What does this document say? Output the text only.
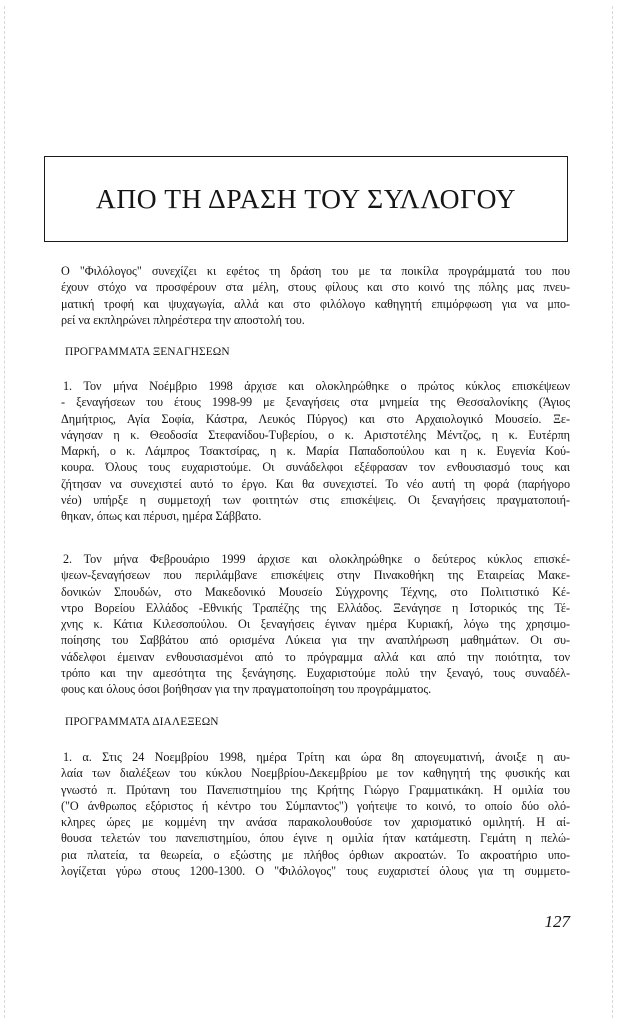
ΑΠΟ ΤΗ ΔΡΑΣΗ ΤΟΥ ΣΥΛΛΟΓΟΥ
Ο "Φιλόλογος" συνεχίζει κι εφέτος τη δράση του με τα ποικίλα προγράμματά του που
έχουν στόχο να προσφέρουν στα μέλη, στους φίλους και στο κοινό της πόλης μας πνευ-
ματική τροφή και ψυχαγωγία, αλλά και στο φιλόλογο καθηγητή επιμόρφωση για να μπο-
ρεί να εκπληρώνει πληρέστερα την αποστολή του.
ΠΡΟΓΡΑΜΜΑΤΑ ΞΕΝΑΓΗΣΕΩΝ
1. Τον μήνα Νοέμβριο 1998 άρχισε και ολοκληρώθηκε ο πρώτος κύκλος επισκέψεων
- ξεναγήσεων του έτους 1998-99 με ξεναγήσεις στα μνημεία της Θεσσαλονίκης (Άγιος
Δημήτριος, Αγία Σοφία, Κάστρα, Λευκός Πύργος) και στο Αρχαιολογικό Μουσείο. Ξε-
νάγησαν η κ. Θεοδοσία Στεφανίδου-Τυβερίου, ο κ. Αριστοτέλης Μέντζος, η κ. Ευτέρπη
Μαρκή, ο κ. Λάμπρος Τσακτσίρας, η κ. Μαρία Παπαδοπούλου και η κ. Ευγενία Κού-
κουρα. Όλους τους ευχαριστούμε. Οι συνάδελφοι εξέφρασαν τον ενθουσιασμό τους και
ζήτησαν να συνεχιστεί αυτό το έργο. Και θα συνεχιστεί. Το νέο αυτή τη φορά (παρήγορο
νέο) υπήρξε η συμμετοχή των φοιτητών στις επισκέψεις. Οι ξεναγήσεις πραγματοποιή-
θηκαν, όπως και πέρυσι, ημέρα Σάββατο.
2. Τον μήνα Φεβρουάριο 1999 άρχισε και ολοκληρώθηκε ο δεύτερος κύκλος επισκέ-
ψεων-ξεναγήσεων που περιλάμβανε επισκέψεις στην Πινακοθήκη της Εταιρείας Μακε-
δονικών Σπουδών, στο Μακεδονικό Μουσείο Σύγχρονης Τέχνης, στο Πολιτιστικό Κέ-
ντρο Βορείου Ελλάδος -Εθνικής Τραπέζης της Ελλάδος. Ξενάγησε η Ιστορικός της Τέ-
χνης κ. Κάτια Κιλεσοπούλου. Οι ξεναγήσεις έγιναν ημέρα Κυριακή, λόγω της χρησιμο-
ποίησης του Σαββάτου από ορισμένα Λύκεια για την αναπλήρωση μαθημάτων. Οι συ-
νάδελφοι έμειναν ενθουσιασμένοι από το πρόγραμμα αλλά και από την ποιότητα, τον
τρόπο και την αμεσότητα της ξενάγησης. Ευχαριστούμε πολύ την ξεναγό, τους συναδέλ-
φους και όλους όσοι βοήθησαν για την πραγματοποίηση του προγράμματος.
ΠΡΟΓΡΑΜΜΑΤΑ ΔΙΑΛΕΞΕΩΝ
1. α. Στις 24 Νοεμβρίου 1998, ημέρα Τρίτη και ώρα 8η απογευματινή, άνοιξε η αυ-
λαία των διαλέξεων του κύκλου Νοεμβρίου-Δεκεμβρίου με τον καθηγητή της φυσικής και
γνωστό π. Πρύτανη του Πανεπιστημίου της Κρήτης Γιώργο Γραμματικάκη. Η ομιλία του
("Ο άνθρωπος εξόριστος ή κέντρο του Σύμπαντος") γοήτεψε το κοινό, το οποίο δύο ολό-
κληρες ώρες με κομμένη την ανάσα παρακολουθούσε τον χαρισματικό ομιλητή. Η αί-
θουσα τελετών του πανεπιστημίου, όπου έγινε η ομιλία ήταν κατάμεστη. Γεμάτη η πελώ-
ρια πλατεία, τα θεωρεία, ο εξώστης με πλήθος όρθιων ακροατών. Το ακροατήριο υπο-
λογίζεται γύρω στους 1200-1300. Ο "Φιλόλογος" τους ευχαριστεί όλους για τη συμμετο-
127
